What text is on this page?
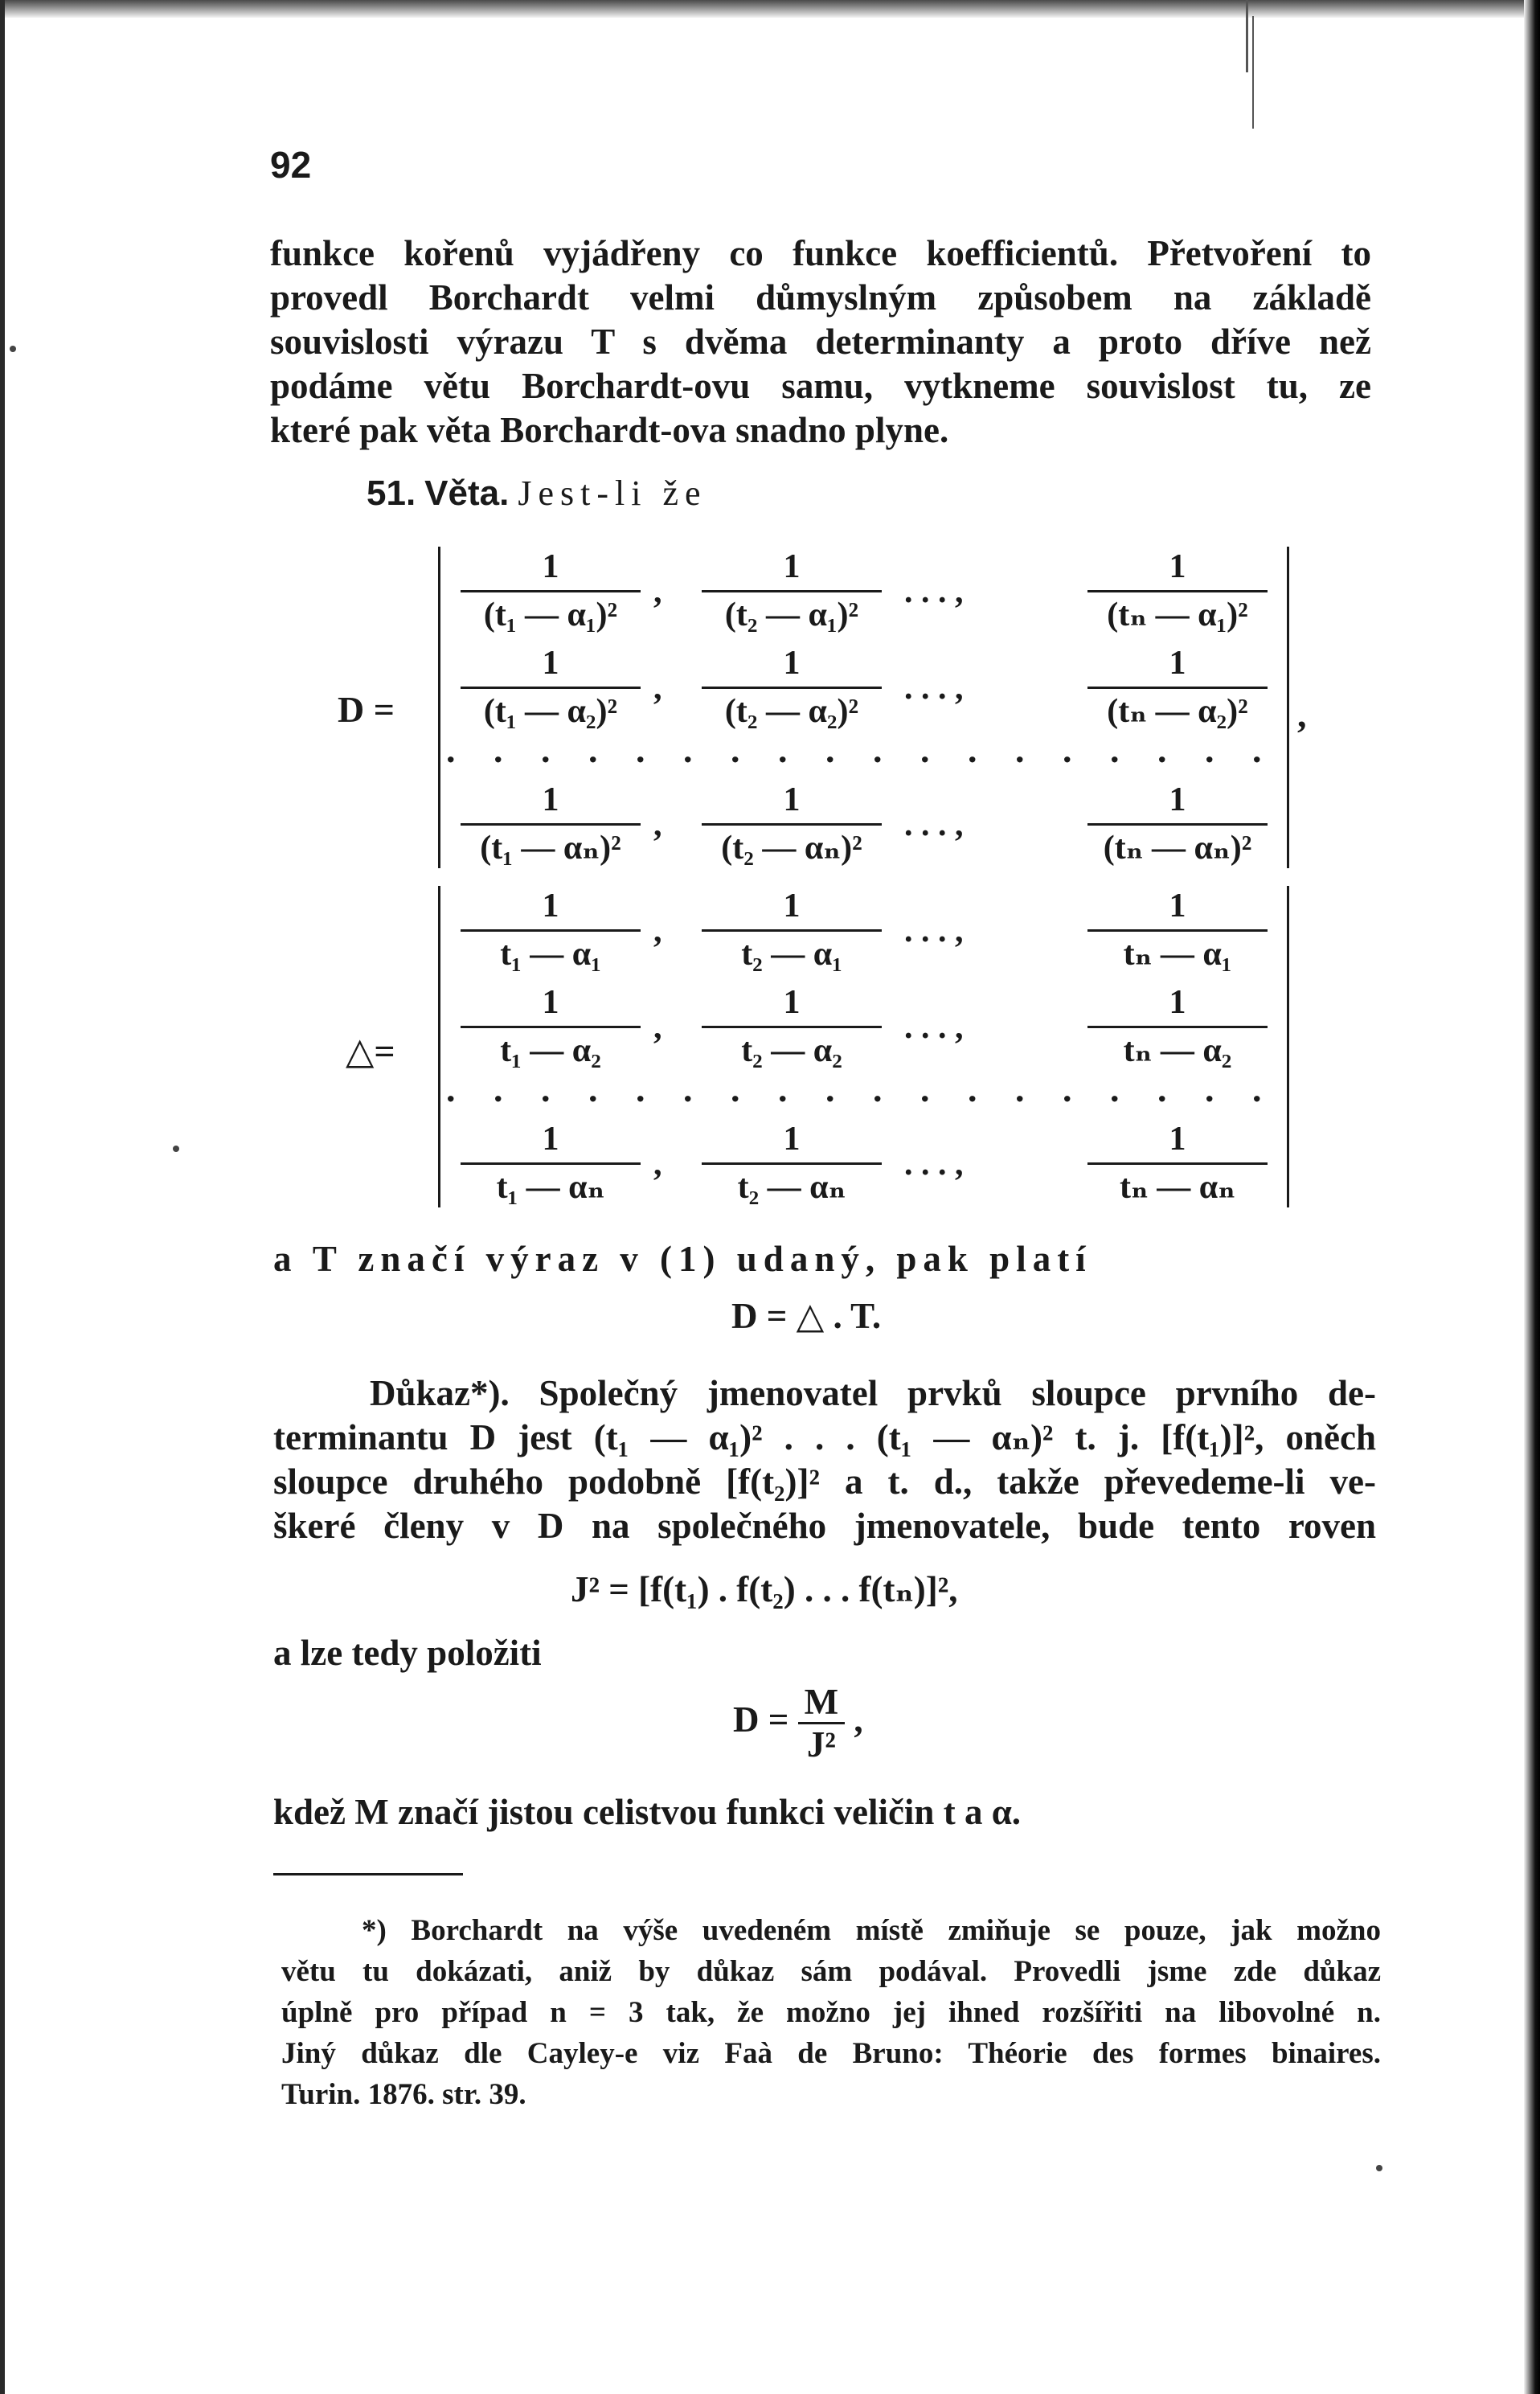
92
funkce kořenů vyjádřeny co funkce koefficientů. Přetvoření to
provedl Borchardt velmi důmyslným způsobem na základě
souvislosti výrazu T s dvěma determinanty a proto dříve než
podáme větu Borchardt-ovu samu, vytkneme souvislost tu, ze
které pak věta Borchardt-ova snadno plyne.
51. Věta. Jest-li že
D =
1
(t₁ — α₁)²
,
1
(t₂ — α₁)²
. . . ,
1
(tₙ — α₁)²
1
(t₁ — α₂)²
,
1
(t₂ — α₂)²
. . . ,
1
(tₙ — α₂)²
. . . . . . . . . . . . . . . . . .
1
(t₁ — αₙ)²
,
1
(t₂ — αₙ)²
. . . ,
1
(tₙ — αₙ)²
,
△=
1
t₁ — α₁
,
1
t₂ — α₁
. . . ,
1
tₙ — α₁
1
t₁ — α₂
,
1
t₂ — α₂
. . . ,
1
tₙ — α₂
. . . . . . . . . . . . . . . . . .
1
t₁ — αₙ
,
1
t₂ — αₙ
. . . ,
1
tₙ — αₙ
a T značí výraz v (1) udaný, pak platí
D = △ . T.
Důkaz*). Společný jmenovatel prvků sloupce prvního de-
terminantu D jest (t₁ — α₁)² . . . (t₁ — αₙ)² t. j. [f(t₁)]², oněch
sloupce druhého podobně [f(t₂)]² a t. d., takže převedeme-li ve-
škeré členy v D na společného jmenovatele, bude tento roven
J² = [f(t₁) . f(t₂) . . . f(tₙ)]²,
a lze tedy položiti
$D = \frac{M}{\text{J²}}$ ,
kdež M značí jistou celistvou funkci veličin t a α.
*) Borchardt na výše uvedeném místě zmiňuje se pouze, jak možno
větu tu dokázati, aniž by důkaz sám podával. Provedli jsme zde důkaz
úplně pro případ n = 3 tak, že možno jej ihned rozšířiti na libovolné n.
Jiný důkaz dle Cayley-e viz Faà de Bruno: Théorie des formes binaires.
Turin. 1876. str. 39.
